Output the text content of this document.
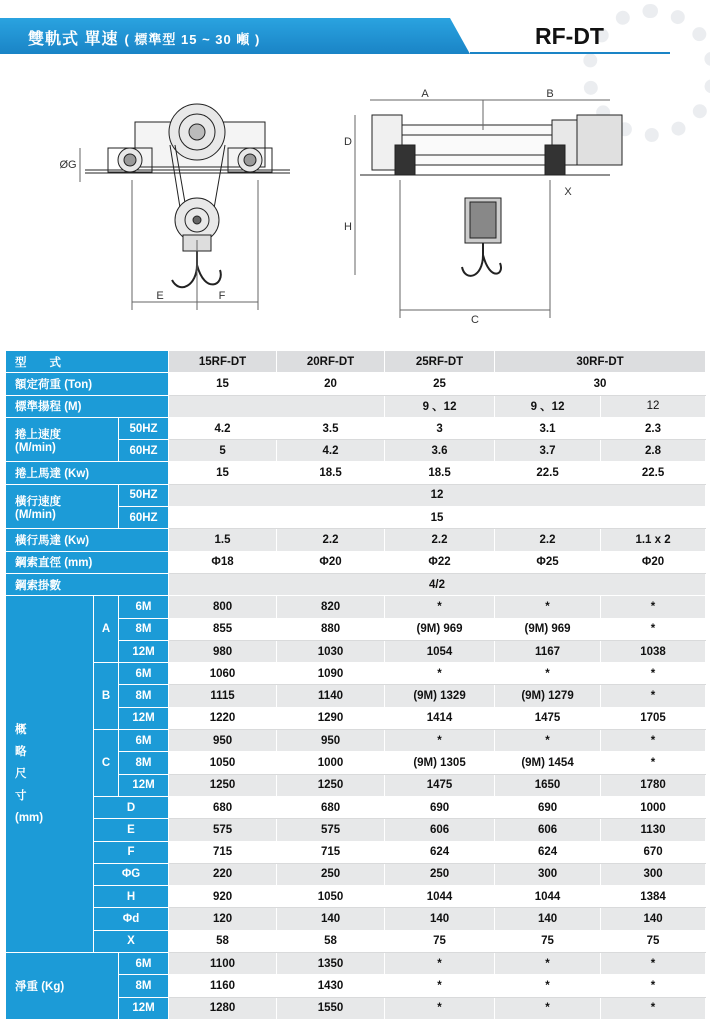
雙軌式 單速 ( 標準型 15 ~ 30 噸 )	RF-DT
A	B
C
D
E	F
H
X
ØG
型　　式			15RF-DT	20RF-DT	25RF-DT	30RF-DT	
額定荷重 (Ton)			15	20	25	30	
標準揚程 (M)					9 、12	9 、12	12

捲上速度
(M/min)		50HZ	4.2	3.5	3	3.1	2.3
		60HZ	5	4.2	3.6	3.7	2.8
捲上馬達 (Kw)			15	18.5	18.5	22.5	22.5

橫行速度
(M/min)		50HZ	12				
		60HZ	15				
橫行馬達 (Kw)			1.5	2.2	2.2	2.2	1.1 x 2
鋼索直徑 (mm)			Φ18	Φ20	Φ22	Φ25	Φ20
鋼索掛數			4/2				

概
略
尺
寸
(mm)	A	6M	800	820	*	*	*
		8M	855	880	(9M) 969	(9M) 969	*
		12M	980	1030	1054	1167	1038
	B	6M	1060	1090	*	*	*
		8M	1115	1140	(9M) 1329	(9M) 1279	*
		12M	1220	1290	1414	1475	1705
	C	6M	950	950	*	*	*
		8M	1050	1000	(9M) 1305	(9M) 1454	*
		12M	1250	1250	1475	1650	1780
	D		680	680	690	690	1000
	E		575	575	606	606	1130
	F		715	715	624	624	670
	ΦG		220	250	250	300	300
	H		920	1050	1044	1044	1384
	Φd		120	140	140	140	140
	X		58	58	75	75	75
淨重 (Kg)		6M	1100	1350	*	*	*
		8M	1160	1430	*	*	*
		12M	1280	1550	*	*	*
